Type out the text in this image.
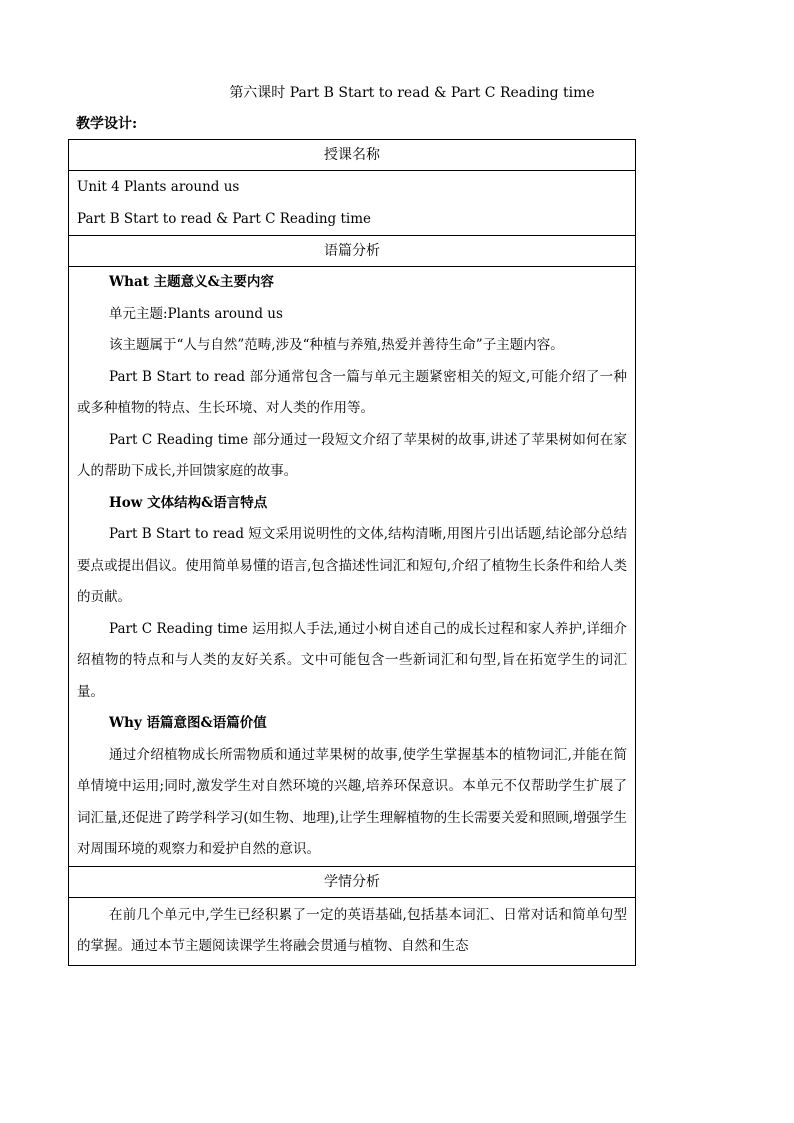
第六课时 Part B Start to read & Part C Reading time
教学设计:
授课名称

Unit 4 Plants around us
Part B Start to read & Part C Reading time

语篇分析

What 主题意义&主要内容
单元主题:Plants around us
该主题属于“人与自然”范畴,涉及“种植与养殖,热爱并善待生命”子主题内容。
Part B Start to read 部分通常包含一篇与单元主题紧密相关的短文,可能介绍了一种或多种植物的特点、生长环境、对人类的作用等。
Part C Reading time 部分通过一段短文介绍了苹果树的故事,讲述了苹果树如何在家人的帮助下成长,并回馈家庭的故事。
How 文体结构&语言特点
Part B Start to read 短文采用说明性的文体,结构清晰,用图片引出话题,结论部分总结要点或提出倡议。使用简单易懂的语言,包含描述性词汇和短句,介绍了植物生长条件和给人类的贡献。
Part C Reading time 运用拟人手法,通过小树自述自己的成长过程和家人养护,详细介绍植物的特点和与人类的友好关系。文中可能包含一些新词汇和句型,旨在拓宽学生的词汇量。
Why 语篇意图&语篇价值
通过介绍植物成长所需物质和通过苹果树的故事,使学生掌握基本的植物词汇,并能在简单情境中运用;同时,激发学生对自然环境的兴趣,培养环保意识。本单元不仅帮助学生扩展了词汇量,还促进了跨学科学习(如生物、地理),让学生理解植物的生长需要关爱和照顾,增强学生对周围环境的观察力和爱护自然的意识。

学情分析

在前几个单元中,学生已经积累了一定的英语基础,包括基本词汇、日常对话和简单句型的掌握。通过本节主题阅读课学生将融会贯通与植物、自然和生态
